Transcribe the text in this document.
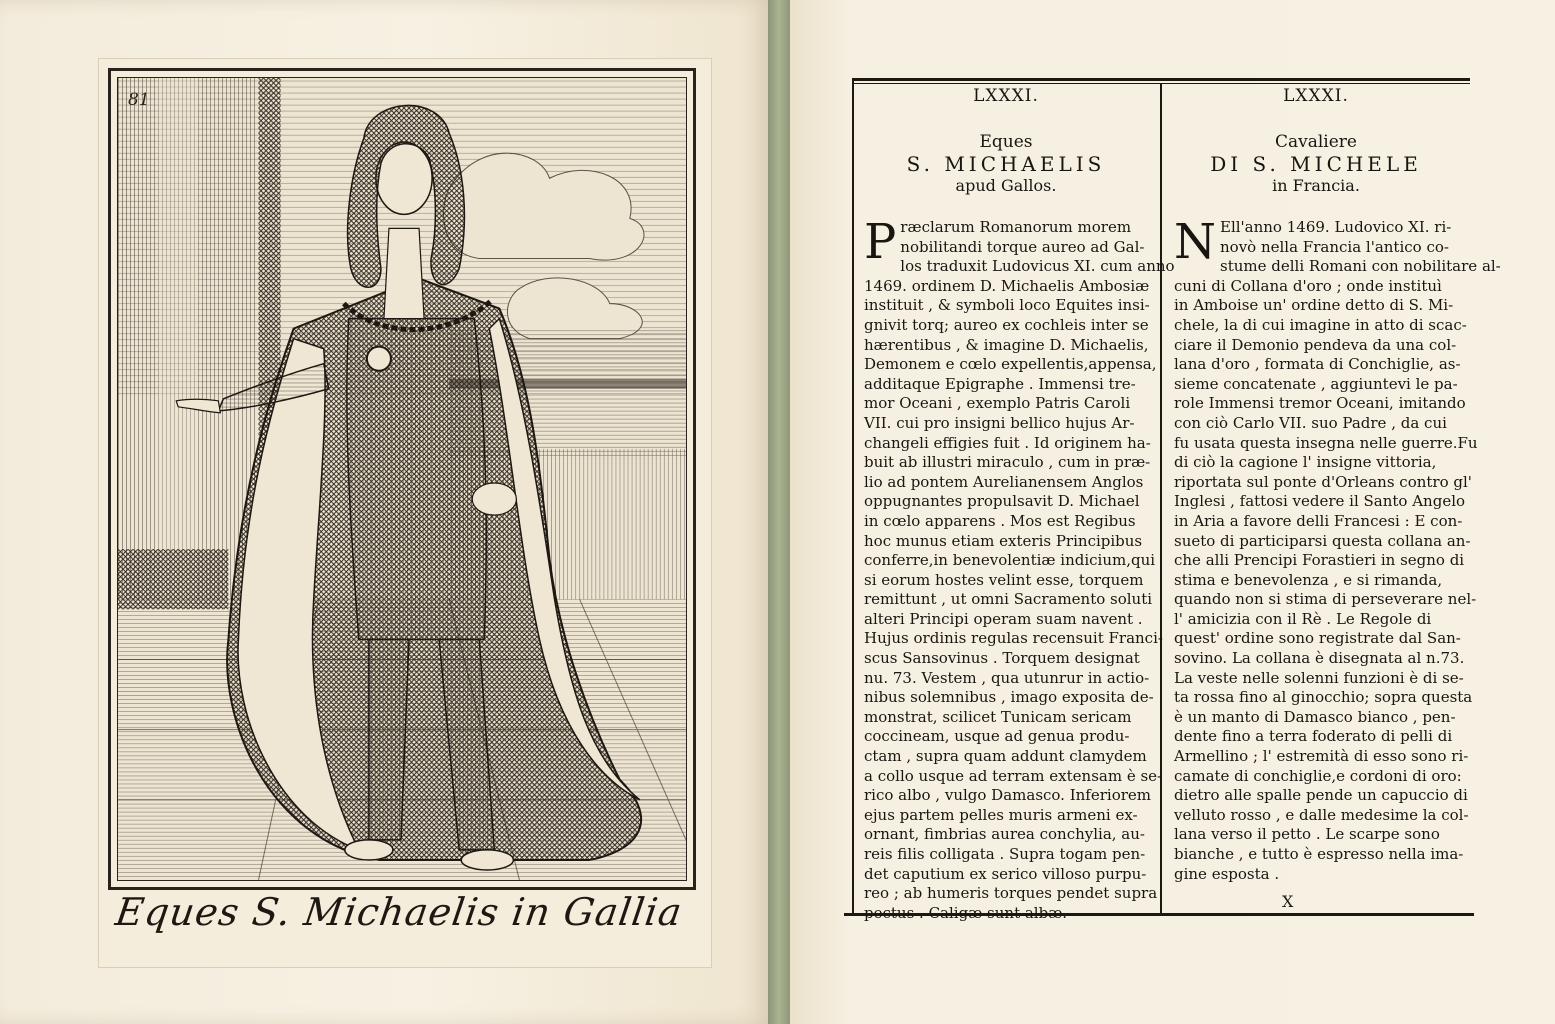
81
Eques S. Michaelis in Gallia
LXXXI.
Eques
S. MICHAELIS
apud Gallos.
P ræclarum Romanorum morem
nobilitandi torque aureo ad Gal-
los traduxit Ludovicus XI. cum anno
1469. ordinem D. Michaelis Ambosiæ
instituit , & symboli loco Equites insi-
gnivit torq; aureo ex cochleis inter se
hærentibus , & imagine D. Michaelis,
Demonem e cœlo expellentis,appensa,
additaque Epigraphe . Immensi tre-
mor Oceani , exemplo Patris Caroli
VII. cui pro insigni bellico hujus Ar-
changeli effigies fuit . Id originem ha-
buit ab illustri miraculo , cum in præ-
lio ad pontem Aurelianensem Anglos
oppugnantes propulsavit D. Michael
in cœlo apparens . Mos est Regibus
hoc munus etiam exteris Principibus
conferre,in benevolentiæ indicium,qui
si eorum hostes velint esse, torquem
remittunt , ut omni Sacramento soluti
alteri Principi operam suam navent .
Hujus ordinis regulas recensuit Franci-
scus Sansovinus . Torquem designat
nu. 73. Vestem , qua utunrur in actio-
nibus solemnibus , imago exposita de-
monstrat, scilicet Tunicam sericam
coccineam, usque ad genua produ-
ctam , supra quam addunt clamydem
a collo usque ad terram extensam è se-
rico albo , vulgo Damasco. Inferiorem
ejus partem pelles muris armeni ex-
ornant, fimbrias aurea conchylia, au-
reis filis colligata . Supra togam pen-
det caputium ex serico villoso purpu-
reo ; ab humeris torques pendet supra
pectus . Caligæ sunt albæ.
LXXXI.
Cavaliere
DI S. MICHELE
in Francia.
N Ell'anno 1469. Ludovico XI. ri-
novò nella Francia l'antico co-
stume delli Romani con nobilitare al-
cuni di Collana d'oro ; onde instituì
in Amboise un' ordine detto di S. Mi-
chele, la di cui imagine in atto di scac-
ciare il Demonio pendeva da una col-
lana d'oro , formata di Conchiglie, as-
sieme concatenate , aggiuntevi le pa-
role Immensi tremor Oceani, imitando
con ciò Carlo VII. suo Padre , da cui
fu usata questa insegna nelle guerre.Fu
di ciò la cagione l' insigne vittoria,
riportata sul ponte d'Orleans contro gl'
Inglesi , fattosi vedere il Santo Angelo
in Aria a favore delli Francesi : E con-
sueto di participarsi questa collana an-
che alli Prencipi Forastieri in segno di
stima e benevolenza , e si rimanda,
quando non si stima di perseverare nel-
l' amicizia con il Rè . Le Regole di
quest' ordine sono registrate dal San-
sovino. La collana è disegnata al n.73.
La veste nelle solenni funzioni è di se-
ta rossa fino al ginocchio; sopra questa
è un manto di Damasco bianco , pen-
dente fino a terra foderato di pelli di
Armellino ; l' estremità di esso sono ri-
camate di conchiglie,e cordoni di oro:
dietro alle spalle pende un capuccio di
velluto rosso , e dalle medesime la col-
lana verso il petto . Le scarpe sono
bianche , e tutto è espresso nella ima-
gine esposta .
X
